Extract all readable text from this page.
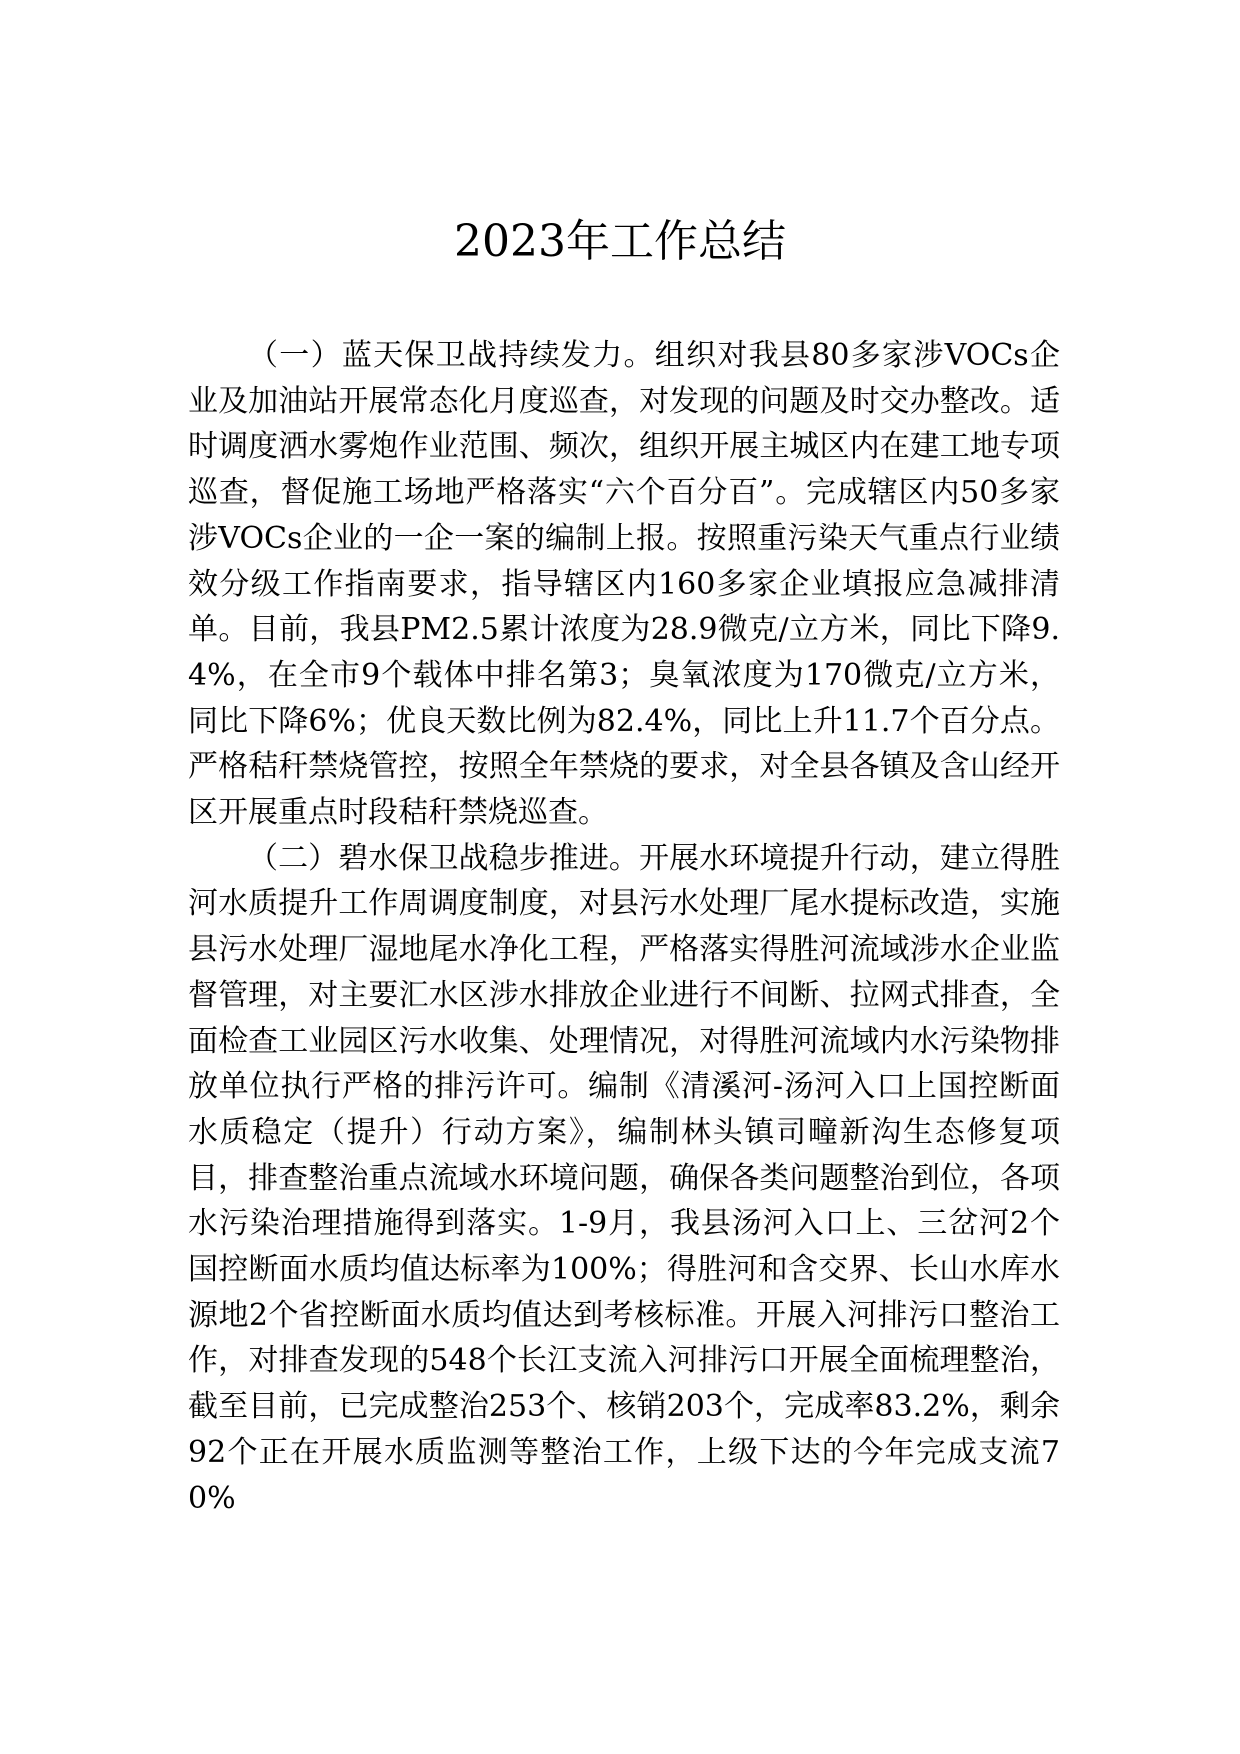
2023年工作总结

（一）蓝天保卫战持续发力。组织对我县80多家涉VOCs企业及加油站开展常态化月度巡查，对发现的问题及时交办整改。适时调度洒水雾炮作业范围、频次，组织开展主城区内在建工地专项巡查，督促施工场地严格落实“六个百分百”。完成辖区内50多家涉VOCs企业的一企一案的编制上报。按照重污染天气重点行业绩效分级工作指南要求，指导辖区内160多家企业填报应急减排清单。目前，我县PM2.5累计浓度为28.9微克/立方米，同比下降9.4%，在全市9个载体中排名第3；臭氧浓度为170微克/立方米，同比下降6%；优良天数比例为82.4%，同比上升11.7个百分点。严格秸秆禁烧管控，按照全年禁烧的要求，对全县各镇及含山经开区开展重点时段秸秆禁烧巡查。

（二）碧水保卫战稳步推进。开展水环境提升行动，建立得胜河水质提升工作周调度制度，对县污水处理厂尾水提标改造，实施县污水处理厂湿地尾水净化工程，严格落实得胜河流域涉水企业监督管理，对主要汇水区涉水排放企业进行不间断、拉网式排查，全面检查工业园区污水收集、处理情况，对得胜河流域内水污染物排放单位执行严格的排污许可。编制《清溪河-汤河入口上国控断面水质稳定（提升）行动方案》，编制林头镇司疃新沟生态修复项目，排查整治重点流域水环境问题，确保各类问题整治到位，各项水污染治理措施得到落实。1-9月，我县汤河入口上、三岔河2个国控断面水质均值达标率为100%；得胜河和含交界、长山水库水源地2个省控断面水质均值达到考核标准。开展入河排污口整治工作，对排查发现的548个长江支流入河排污口开展全面梳理整治，截至目前，已完成整治253个、核销203个，完成率83.2%，剩余92个正在开展水质监测等整治工作，上级下达的今年完成支流70%
